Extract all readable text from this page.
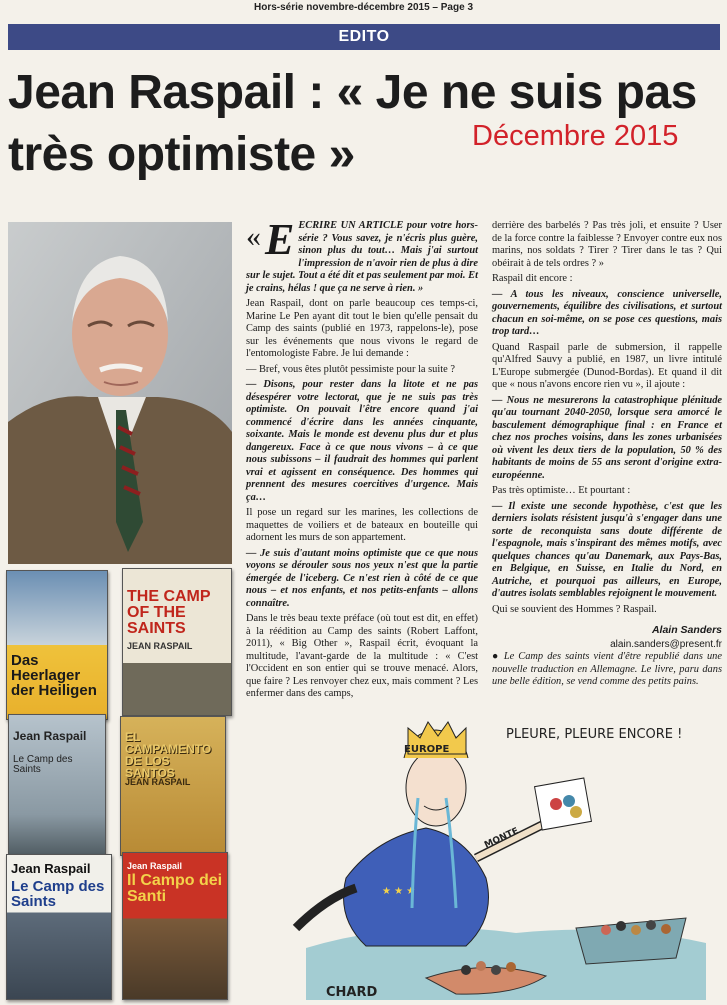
Hors-série novembre-décembre 2015 – Page 3
EDITO
Jean Raspail : « Je ne suis pas très optimiste »	Décembre 2015
Das Heerlager der Heiligen
THE CAMP OF THE SAINTS
JEAN RASPAIL
Jean Raspail
Le Camp des Saints
EL CAMPAMENTO DE LOS SANTOS
JEAN RASPAIL
Jean Raspail
Le Camp des Saints
Jean Raspail
Il Campo dei Santi
« E ECRIRE UN ARTICLE pour votre hors-série ? Vous savez, je n'écris plus guère, sinon plus du tout… Mais j'ai surtout l'impression de n'avoir rien de plus à dire sur le sujet. Tout a été dit et pas seulement par moi. Et je crains, hélas ! que ça ne serve à rien. »

Jean Raspail, dont on parle beaucoup ces temps-ci, Marine Le Pen ayant dit tout le bien qu'elle pensait du Camp des saints (publié en 1973, rappelons-le), pose sur les événements que nous vivons le regard de l'entomologiste Fabre. Je lui demande :

— Bref, vous êtes plutôt pessimiste pour la suite ?

— Disons, pour rester dans la litote et ne pas désespérer votre lectorat, que je ne suis pas très optimiste. On pouvait l'être encore quand j'ai commencé d'écrire dans les années cinquante, soixante. Mais le monde est devenu plus dur et plus dangereux. Face à ce que nous vivons – à ce que nous subissons – il faudrait des hommes qui parlent vrai et agissent en conséquence. Des hommes qui prennent des mesures coercitives d'urgence. Mais ça…

Il pose un regard sur les marines, les collections de maquettes de voiliers et de bateaux en bouteille qui adornent les murs de son appartement.

— Je suis d'autant moins optimiste que ce que nous voyons se dérouler sous nos yeux n'est que la partie émergée de l'iceberg. Ce n'est rien à côté de ce que nous – et nos enfants, et nos petits-enfants – allons connaître.

Dans le très beau texte préface (où tout est dit, en effet) à la réédition au Camp des saints (Robert Laffont, 2011), « Big Other », Raspail écrit, évoquant la multitude, l'avant-garde de la multitude : « C'est l'Occident en son entier qui se trouve menacé. Alors, que faire ? Les renvoyer chez eux, mais comment ? Les enfermer dans des camps,

derrière des barbelés ? Pas très joli, et ensuite ? User de la force contre la faiblesse ? Envoyer contre eux nos marins, nos soldats ? Tirer ? Tirer dans le tas ? Qui obéirait à de tels ordres ? »

Raspail dit encore :

— A tous les niveaux, conscience universelle, gouvernements, équilibre des civilisations, et surtout chacun en soi-même, on se pose ces questions, mais trop tard…

Quand Raspail parle de submersion, il rappelle qu'Alfred Sauvy a publié, en 1987, un livre intitulé L'Europe submergée (Dunod-Bordas). Et quand il dit que « nous n'avons encore rien vu », il ajoute :

— Nous ne mesurerons la catastrophique plénitude qu'au tournant 2040-2050, lorsque sera amorcé le basculement démographique final : en France et chez nos proches voisins, dans les zones urbanisées où vivent les deux tiers de la population, 50 % des habitants de moins de 55 ans seront d'origine extra-européenne.

Pas très optimiste… Et pourtant :

— Il existe une seconde hypothèse, c'est que les derniers isolats résistent jusqu'à s'engager dans une sorte de reconquista sans doute différente de l'espagnole, mais s'inspirant des mêmes motifs, avec quelques chances qu'au Danemark, aux Pays-Bas, en Belgique, en Suisse, en Italie du Nord, en Autriche, et pourquoi pas ailleurs, en Europe, d'autres isolats semblables rejoignent le mouvement.

Qui se souvient des Hommes ? Raspail.

Alain Sanders
alain.sanders@present.fr

● Le Camp des saints vient d'être republié dans une nouvelle traduction en Allemagne. Le livre, paru dans une belle édition, se vend comme des petits pains.

★ ★ ★
EUROPE
MONTE
PLEURE, PLEURE ENCORE !
CHARD
